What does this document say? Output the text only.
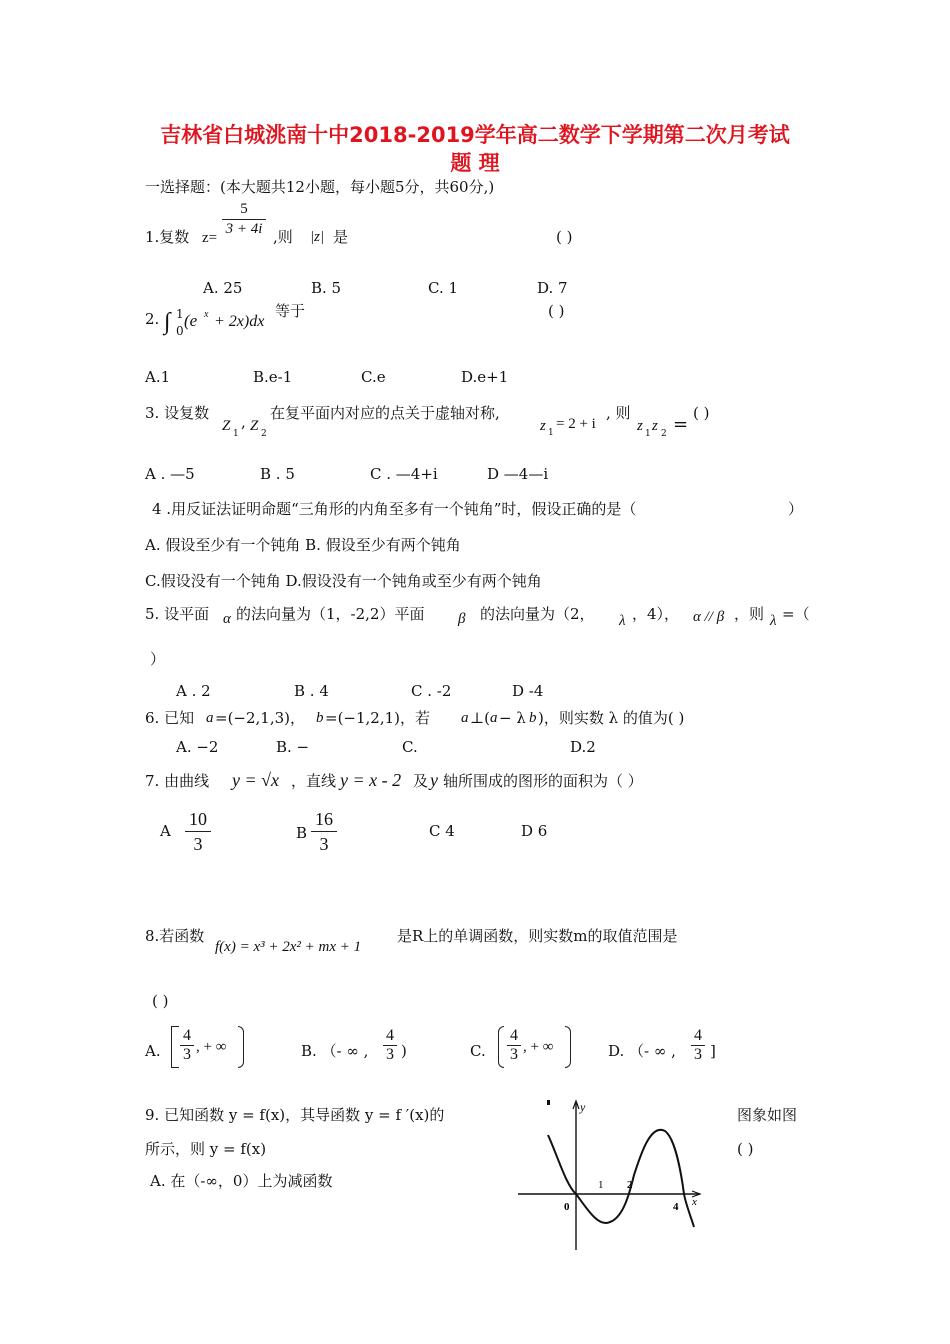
吉林省白城洮南十中2018-2019学年高二数学下学期第二次月考试
题 理
一选择题：(本大题共12小题，每小题5分，共60分,)
1.复数 $z= \frac{5}{3 + 4i}$ ,则 |z| 是	( )
A. 25	B. 5	C. 1	D. 7
2. ∫ 1
0
(e x + 2x)dx
等于	( )
A.1	B.e-1	C.e	D.e+1
3. 设复数
Z 1
, Z 2
在复平面内对应的点关于虚轴对称,
z 1
= 2 + i
, 则
z 1 z 2 =
( )
A . —5	B . 5	C . —4+i	D —4—i
4 .用反证法证明命题“三角形的内角至多有一个钝角”时，假设正确的是（	）
A. 假设至少有一个钝角 B. 假设至少有两个钝角
C.假设没有一个钝角 D.假设没有一个钝角或至少有两个钝角
5. 设平面 α 的法向量为（1，-2,2）平面 β 的法向量为（2， λ ，4）， α // β ，则 λ =（
）
A . 2	B . 4	C . -2	D -4
6. 已知 a =(−2,1,3)， b =(−1,2,1)，若 a ⊥( a − λ b )，则实数 λ 的值为( )
A. −2	B. −	C.	D.2
7. 由曲线 y = √x ，直线 y = x - 2 及 y 轴所围成的图形的面积为（ ）
A $\frac{10}{3}$	B $\frac{16}{3}$	C 4	D 6
8.若函数
f(x) = x³ + 2x² + mx + 1
是R上的单调函数，则实数m的取值范围是
( )
A. $\frac{4}{3}$ , + ∞	B. （- ∞ , $\frac{4}{3}$ )	C. $\frac{4}{3}$ , + ∞	D. （- ∞ , $\frac{4}{3}$ ]
9. 已知函数 y = f(x)，其导函数 y = f ′(x)的	图象如图
所示，则 y = f(x)	( )
A. 在（-∞，0）上为减函数
y
x
0
1 2
4
